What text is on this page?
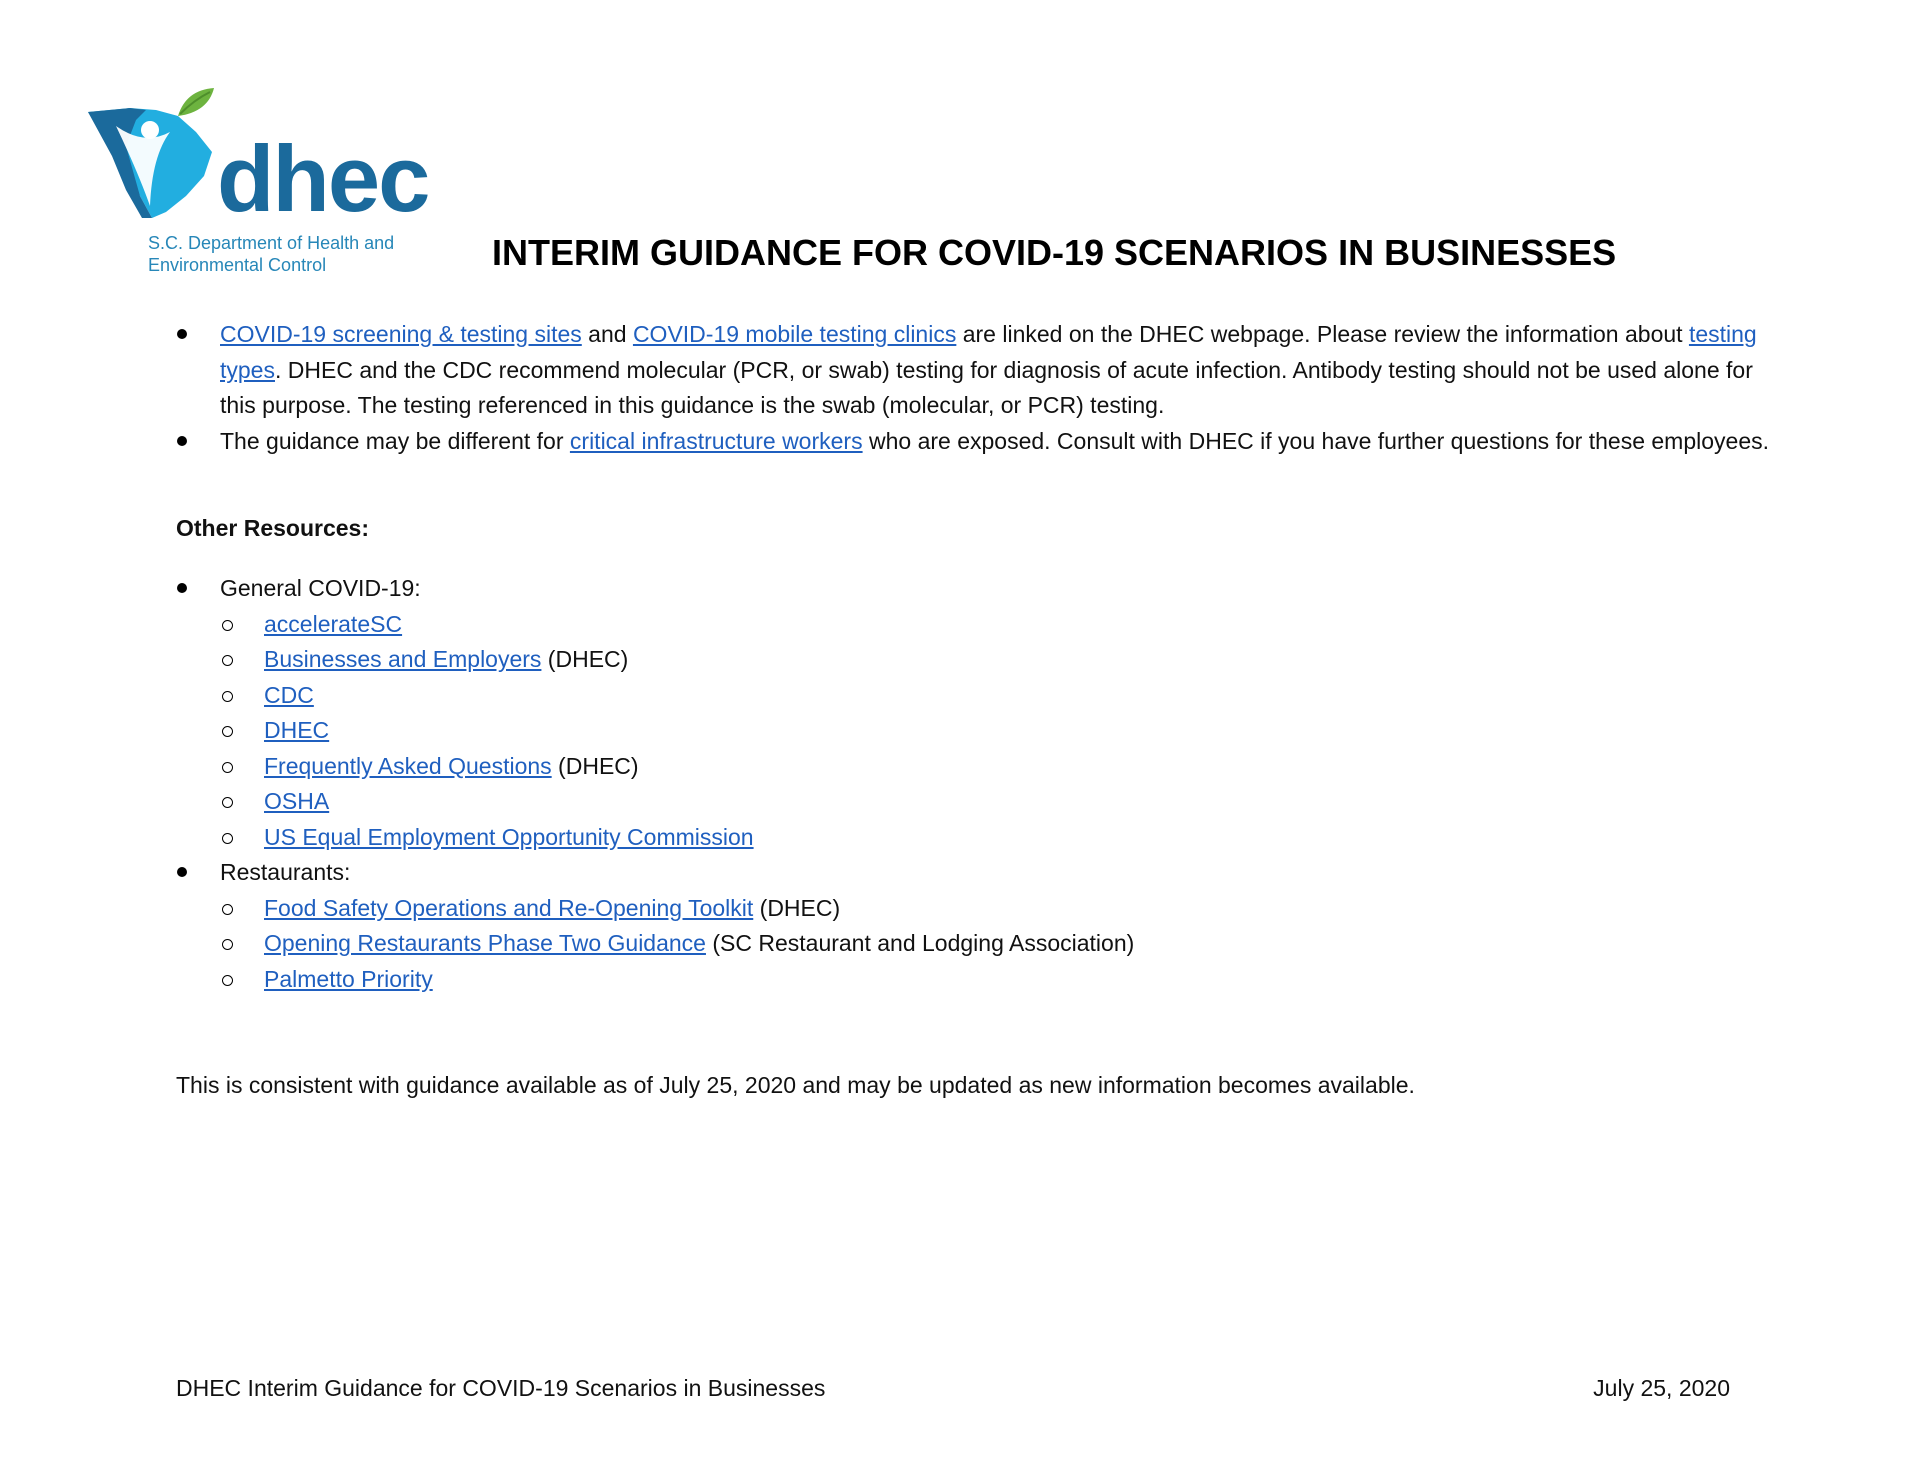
dhec
S.C. Department of Health and
Environmental Control	INTERIM GUIDANCE FOR COVID-19 SCENARIOS IN BUSINESSES
COVID-19 screening & testing sites and COVID-19 mobile testing clinics are linked on the DHEC webpage. Please review the information about testing types. DHEC and the CDC recommend molecular (PCR, or swab) testing for diagnosis of acute infection. Antibody testing should not be used alone for this purpose. The testing referenced in this guidance is the swab (molecular, or PCR) testing.
The guidance may be different for critical infrastructure workers who are exposed. Consult with DHEC if you have further questions for these employees.
Other Resources:
General COVID-19:
accelerateSC
Businesses and Employers (DHEC)
CDC
DHEC
Frequently Asked Questions (DHEC)
OSHA
US Equal Employment Opportunity Commission
Restaurants:
Food Safety Operations and Re-Opening Toolkit (DHEC)
Opening Restaurants Phase Two Guidance (SC Restaurant and Lodging Association)
Palmetto Priority
This is consistent with guidance available as of July 25, 2020 and may be updated as new information becomes available.
DHEC Interim Guidance for COVID-19 Scenarios in Businesses	July 25, 2020
